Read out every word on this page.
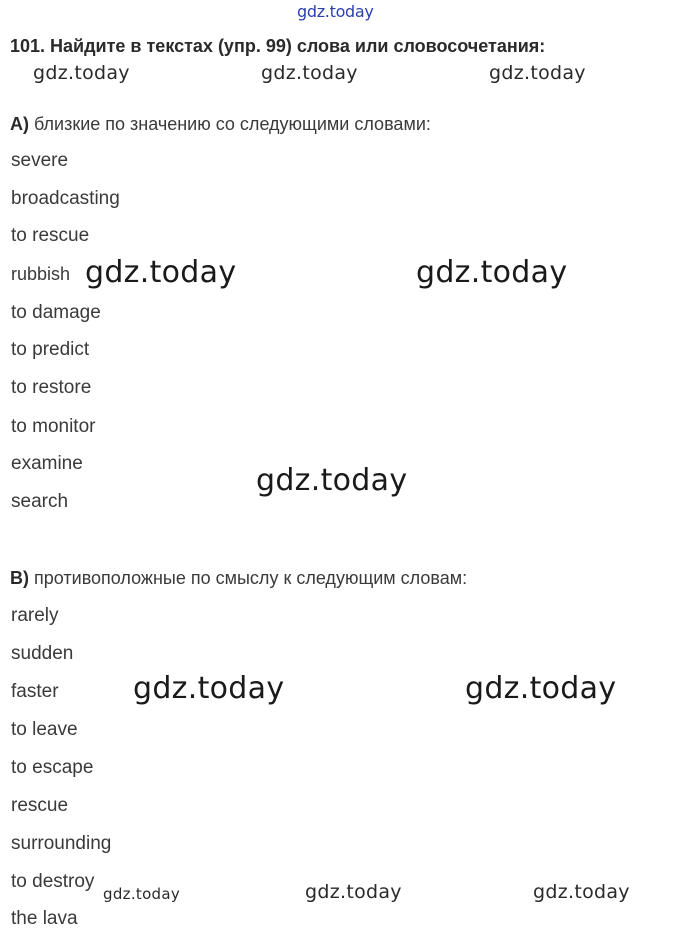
gdz.today
101. Найдите в текстах (упр. 99) слова или словосочетания:
gdz.today	gdz.today	gdz.today
А) близкие по значению со следующими словами:
severe
broadcasting
to rescue
rubbish
to damage
to predict
to restore
to monitor
examine
search
gdz.today	gdz.today
gdz.today
В) противоположные по смыслу к следующим словам:
rarely
sudden
faster
to leave
to escape
rescue
surrounding
to destroy
the lava
gdz.today	gdz.today
gdz.today	gdz.today	gdz.today
